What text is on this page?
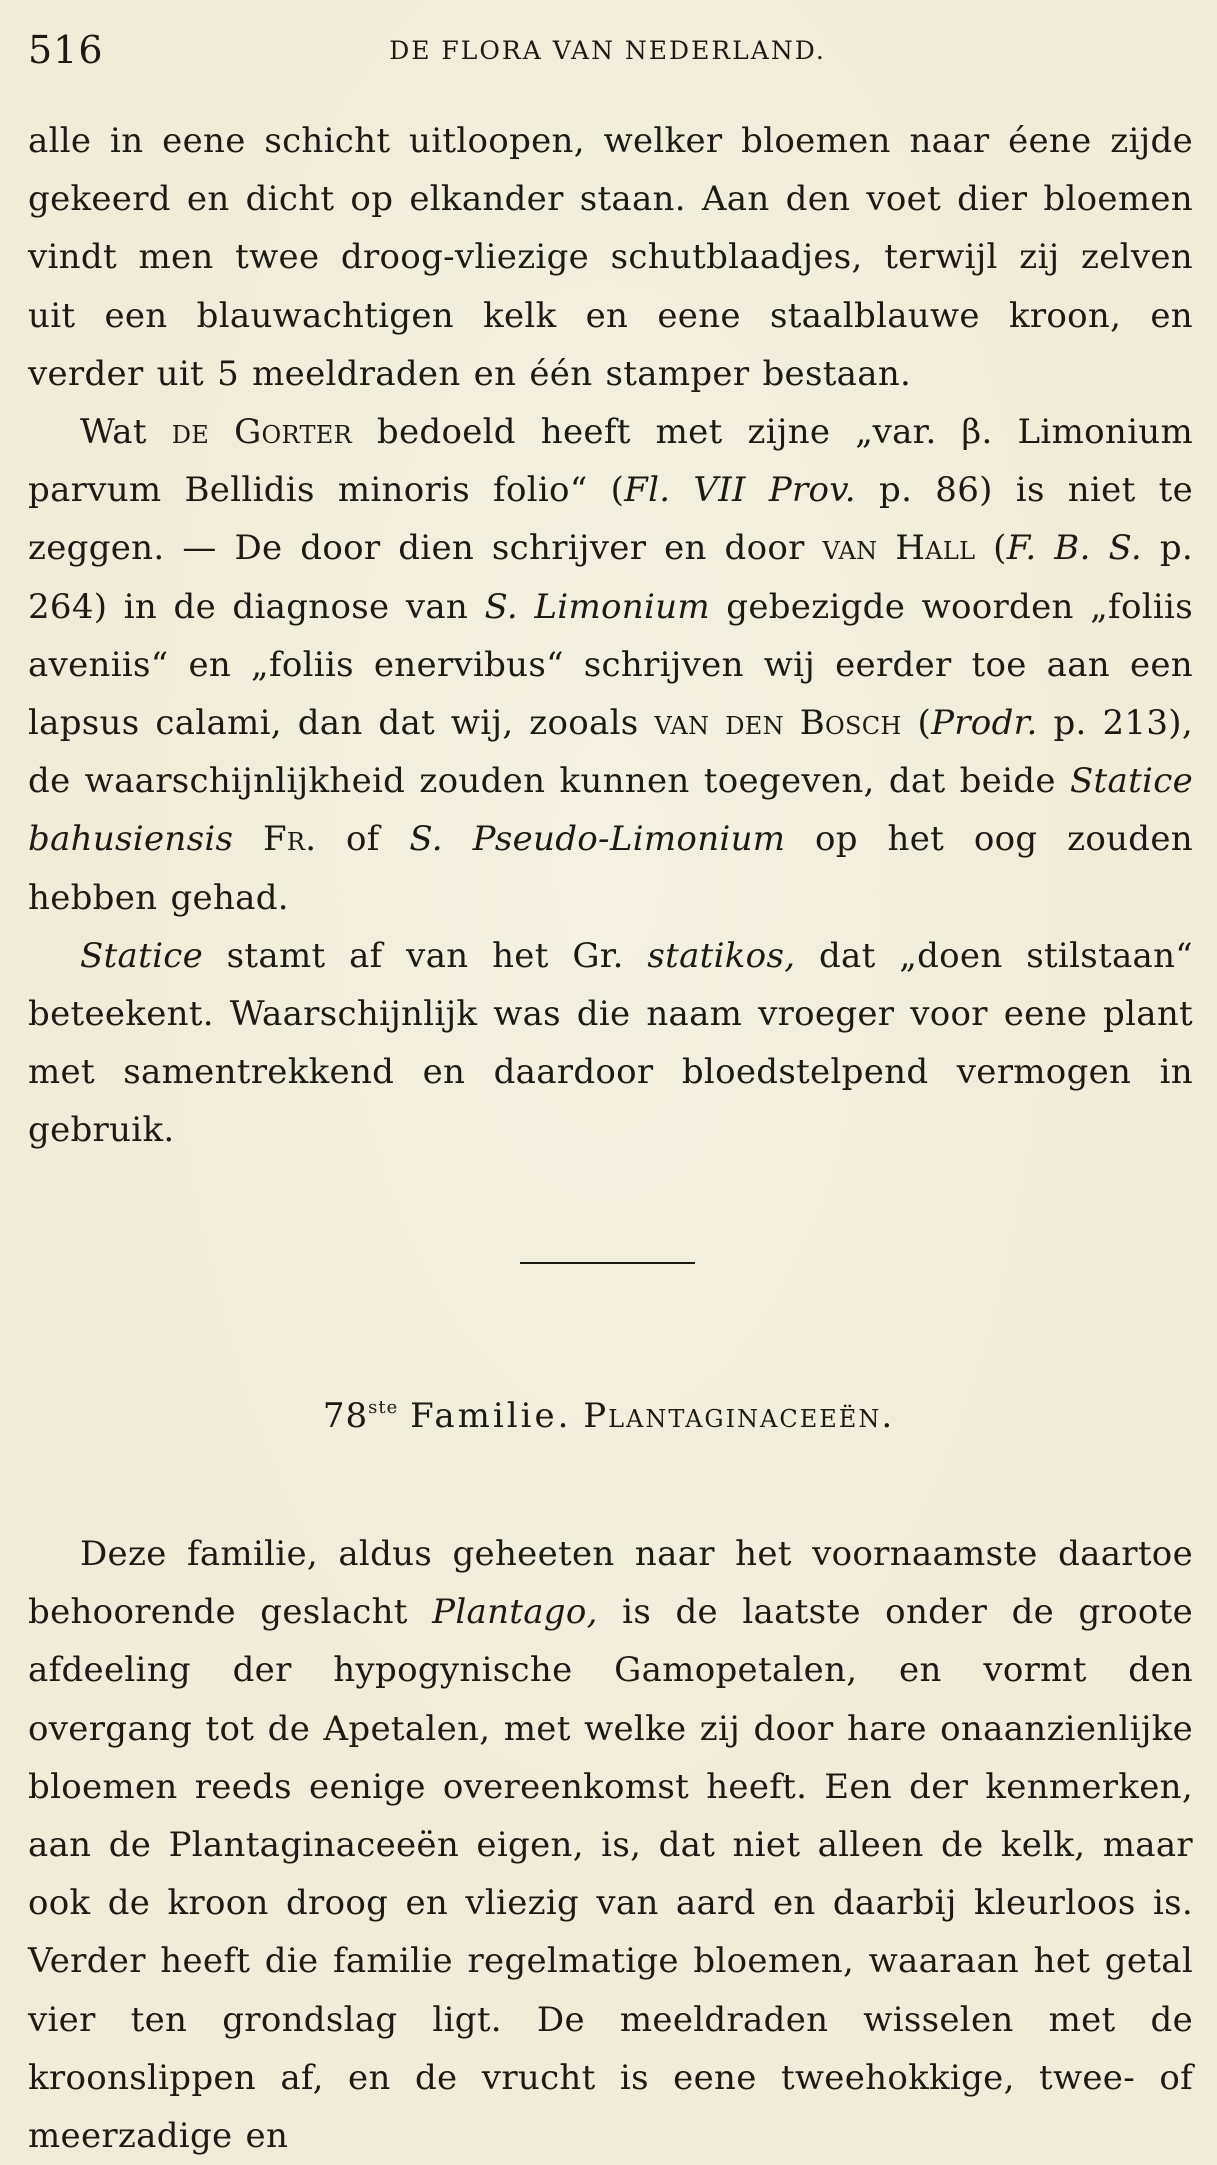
516	DE FLORA VAN NEDERLAND.

alle in eene schicht uitloopen, welker bloemen naar éene zijde gekeerd en dicht op elkander staan. Aan den voet dier bloemen vindt men twee droog-vliezige schutblaadjes, terwijl zij zelven uit een blauwachtigen kelk en eene staalblauwe kroon, en verder uit 5 meeldraden en één stamper bestaan.

Wat de Gorter bedoeld heeft met zijne „var. β. Limonium parvum Bellidis minoris folio“ (Fl. VII Prov. p. 86) is niet te zeggen. — De door dien schrijver en door van Hall (F. B. S. p. 264) in de diagnose van S. Limonium gebezigde woorden „foliis aveniis“ en „foliis enervibus“ schrijven wij eerder toe aan een lapsus calami, dan dat wij, zooals van den Bosch (Prodr. p. 213), de waarschijnlijkheid zouden kunnen toegeven, dat beide Statice bahusiensis Fr. of S. Pseudo-Limonium op het oog zouden hebben gehad.

Statice stamt af van het Gr. statikos, dat „doen stilstaan“ beteekent. Waarschijnlijk was die naam vroeger voor eene plant met samentrekkend en daardoor bloedstelpend vermogen in gebruik.

78ste Familie. Plantaginaceeën.

Deze familie, aldus geheeten naar het voornaamste daartoe behoorende geslacht Plantago, is de laatste onder de groote afdeeling der hypogynische Gamopetalen, en vormt den overgang tot de Apetalen, met welke zij door hare onaanzienlijke bloemen reeds eenige overeenkomst heeft. Een der kenmerken, aan de Plantaginaceeën eigen, is, dat niet alleen de kelk, maar ook de kroon droog en vliezig van aard en daarbij kleurloos is. Verder heeft die familie regelmatige bloemen, waaraan het getal vier ten grondslag ligt. De meeldraden wisselen met de kroonslippen af, en de vrucht is eene tweehokkige, twee- of meerzadige en
